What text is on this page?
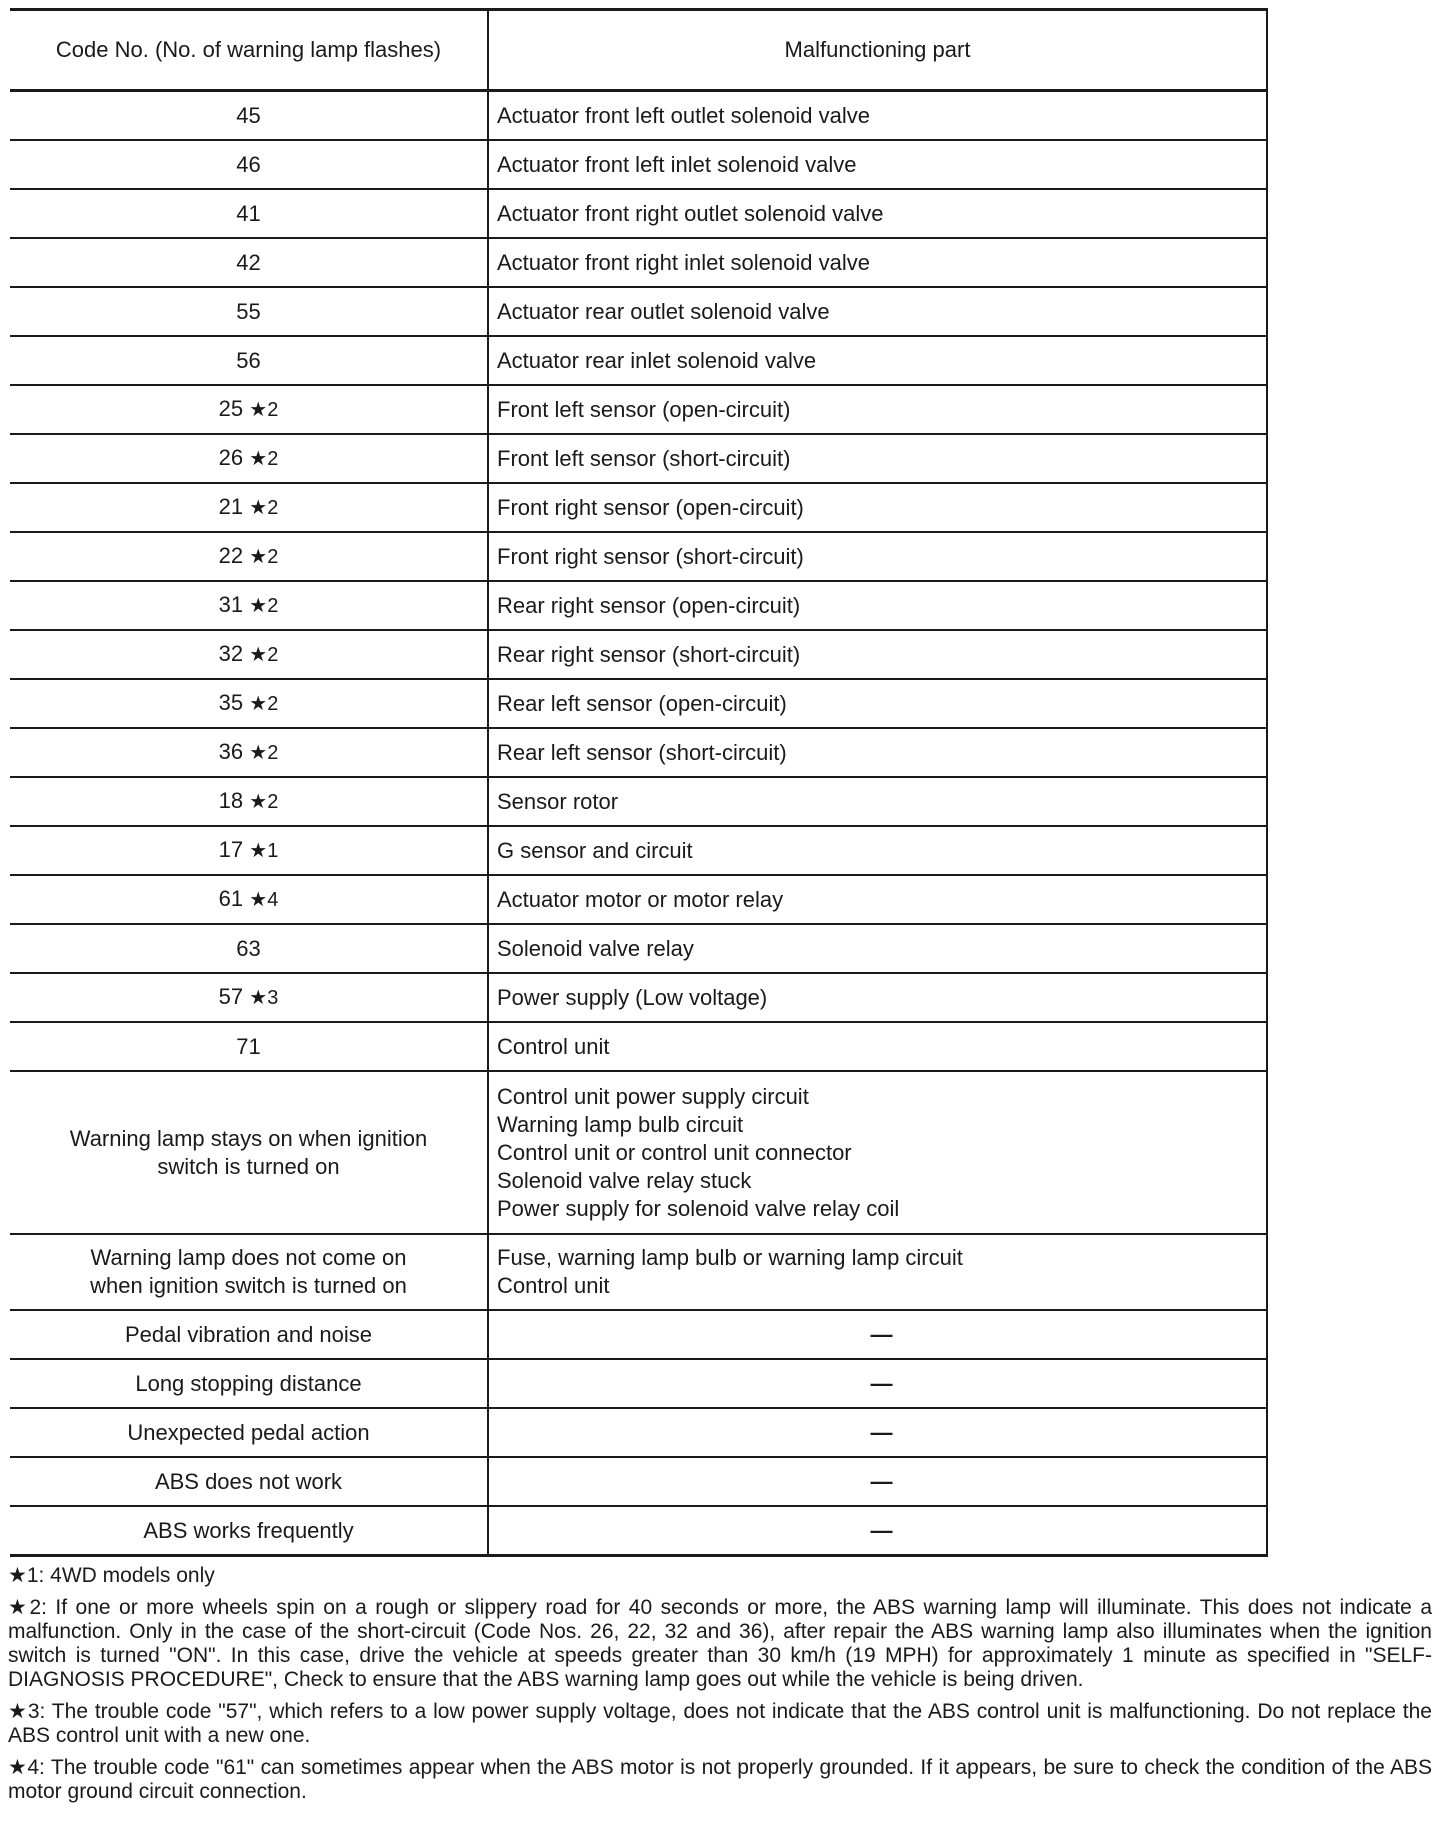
Code No. (No. of warning lamp flashes)	Malfunctioning part
45	Actuator front left outlet solenoid valve

46	Actuator front left inlet solenoid valve

41	Actuator front right outlet solenoid valve

42	Actuator front right inlet solenoid valve

55	Actuator rear outlet solenoid valve

56	Actuator rear inlet solenoid valve

25 ★2	Front left sensor (open-circuit)

26 ★2	Front left sensor (short-circuit)

21 ★2	Front right sensor (open-circuit)

22 ★2	Front right sensor (short-circuit)

31 ★2	Rear right sensor (open-circuit)

32 ★2	Rear right sensor (short-circuit)

35 ★2	Rear left sensor (open-circuit)

36 ★2	Rear left sensor (short-circuit)

18 ★2	Sensor rotor

17 ★1	G sensor and circuit

61 ★4	Actuator motor or motor relay

63	Solenoid valve relay

57 ★3	Power supply (Low voltage)

71	Control unit

Warning lamp stays on when ignition
switch is turned on	Control unit power supply circuit
Warning lamp bulb circuit
Control unit or control unit connector
Solenoid valve relay stuck
Power supply for solenoid valve relay coil

Warning lamp does not come on
when ignition switch is turned on	Fuse, warning lamp bulb or warning lamp circuit
Control unit

Pedal vibration and noise	—

Long stopping distance	—

Unexpected pedal action	—

ABS does not work	—

ABS works frequently	—

★1: 4WD models only

★2: If one or more wheels spin on a rough or slippery road for 40 seconds or more, the ABS warning lamp will illuminate. This does not indicate a malfunction. Only in the case of the short-circuit (Code Nos. 26, 22, 32 and 36), after repair the ABS warning lamp also illuminates when the ignition switch is turned "ON". In this case, drive the vehicle at speeds greater than 30 km/h (19 MPH) for approximately 1 minute as specified in "SELF-DIAGNOSIS PROCEDURE", Check to ensure that the ABS warning lamp goes out while the vehicle is being driven.

★3: The trouble code "57", which refers to a low power supply voltage, does not indicate that the ABS control unit is malfunctioning. Do not replace the ABS control unit with a new one.

★4: The trouble code "61" can sometimes appear when the ABS motor is not properly grounded. If it appears, be sure to check the condition of the ABS motor ground circuit connection.
